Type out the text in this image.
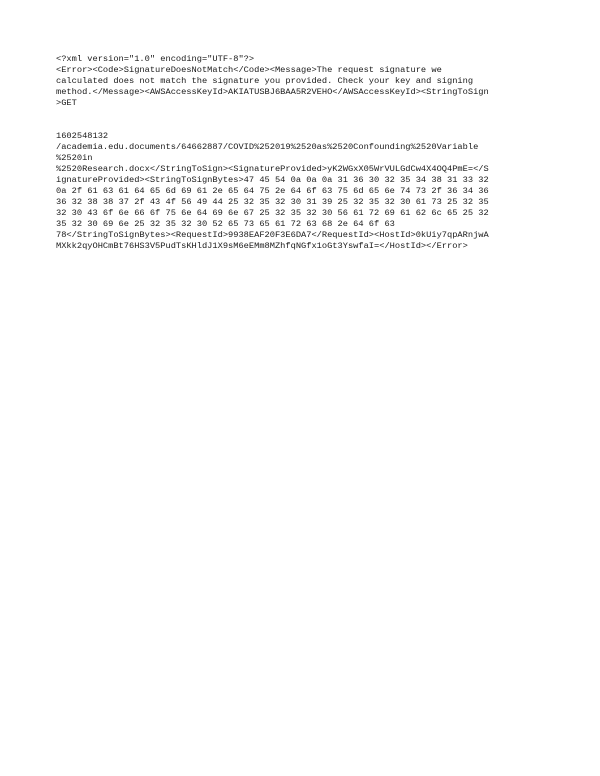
<?xml version="1.0" encoding="UTF-8"?>
<Error><Code>SignatureDoesNotMatch</Code><Message>The request signature we
calculated does not match the signature you provided. Check your key and signing
method.</Message><AWSAccessKeyId>AKIATUSBJ6BAA5R2VEHO</AWSAccessKeyId><StringToSign
>GET
1602548132
/academia.edu.documents/64662887/COVID%252019%2520as%2520Confounding%2520Variable
%2520in
%2520Research.docx</StringToSign><SignatureProvided>yK2WGxX05WrVULGdCw4X4OQ4PmE=</S
ignatureProvided><StringToSignBytes>47 45 54 0a 0a 0a 31 36 30 32 35 34 38 31 33 32
0a 2f 61 63 61 64 65 6d 69 61 2e 65 64 75 2e 64 6f 63 75 6d 65 6e 74 73 2f 36 34 36
36 32 38 38 37 2f 43 4f 56 49 44 25 32 35 32 30 31 39 25 32 35 32 30 61 73 25 32 35
32 30 43 6f 6e 66 6f 75 6e 64 69 6e 67 25 32 35 32 30 56 61 72 69 61 62 6c 65 25 32
35 32 30 69 6e 25 32 35 32 30 52 65 73 65 61 72 63 68 2e 64 6f 63
78</StringToSignBytes><RequestId>9938EAF20F3E6DA7</RequestId><HostId>0kUiy7qpARnjwA
MXkk2qyOHCmBt76HS3V5PudTsKHldJ1X9sM6eEMm8MZhfqNGfx1oGt3YswfaI=</HostId></Error>
